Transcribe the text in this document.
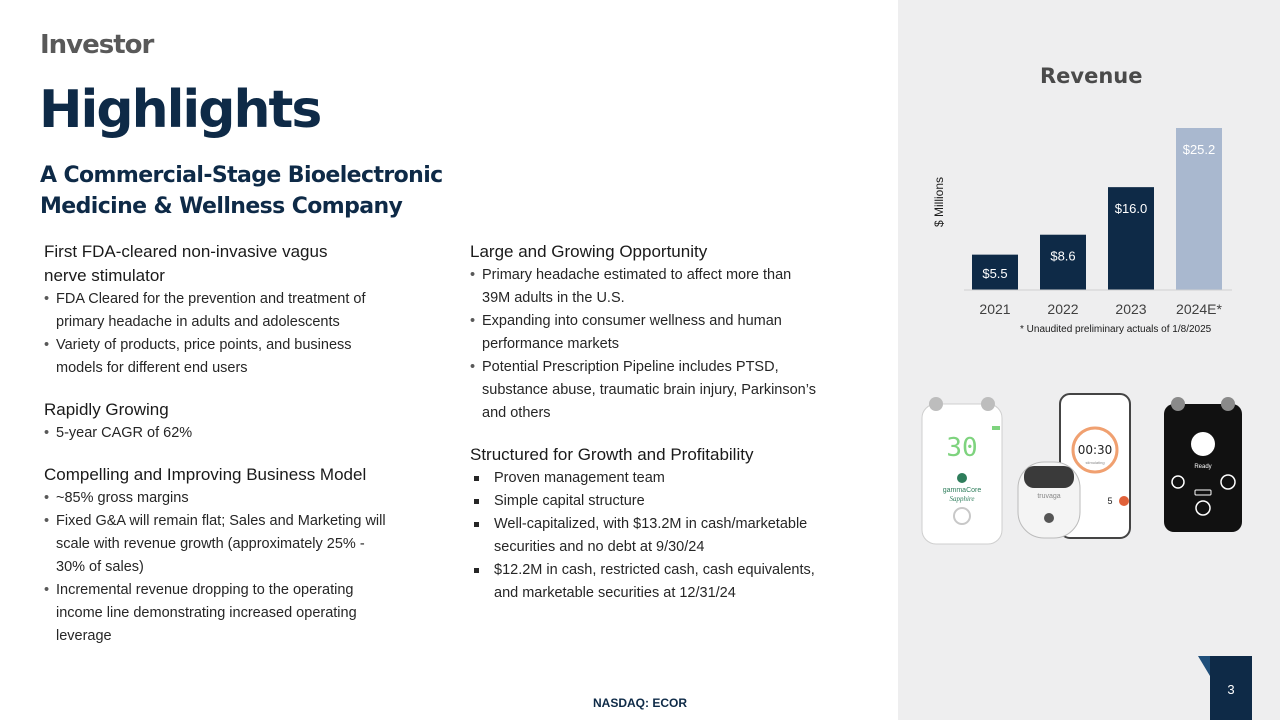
Investor
Highlights
A Commercial-Stage Bioelectronic
Medicine & Wellness Company
First FDA-cleared non-invasive vagus
nerve stimulator
• FDA Cleared for the prevention and treatment of
primary headache in adults and adolescents
• Variety of products, price points, and business
models for different end users
Rapidly Growing
• 5-year CAGR of 62%
Compelling and Improving Business Model
• ~85% gross margins
• Fixed G&A will remain flat; Sales and Marketing will
scale with revenue growth (approximately 25% -
30% of sales)
• Incremental revenue dropping to the operating
income line demonstrating increased operating
leverage
Large and Growing Opportunity
• Primary headache estimated to affect more than
39M adults in the U.S.
• Expanding into consumer wellness and human
performance markets
• Potential Prescription Pipeline includes PTSD,
substance abuse, traumatic brain injury, Parkinson’s
and others
Structured for Growth and Profitability
Proven management team
Simple capital structure
Well-capitalized, with $13.2M in cash/marketable
securities and no debt at 9/30/24
$12.2M in cash, restricted cash, cash equivalents,
and marketable securities at 12/31/24
Revenue
$ Millions
$5.5
2021
$8.6
2022
$16.0
2023
$25.2
2024E*
* Unaudited preliminary actuals of 1/8/2025
30
gammaCore
Sapphire
00:30
stimulating
5
truvaga
Ready
NASDAQ: ECOR
3
